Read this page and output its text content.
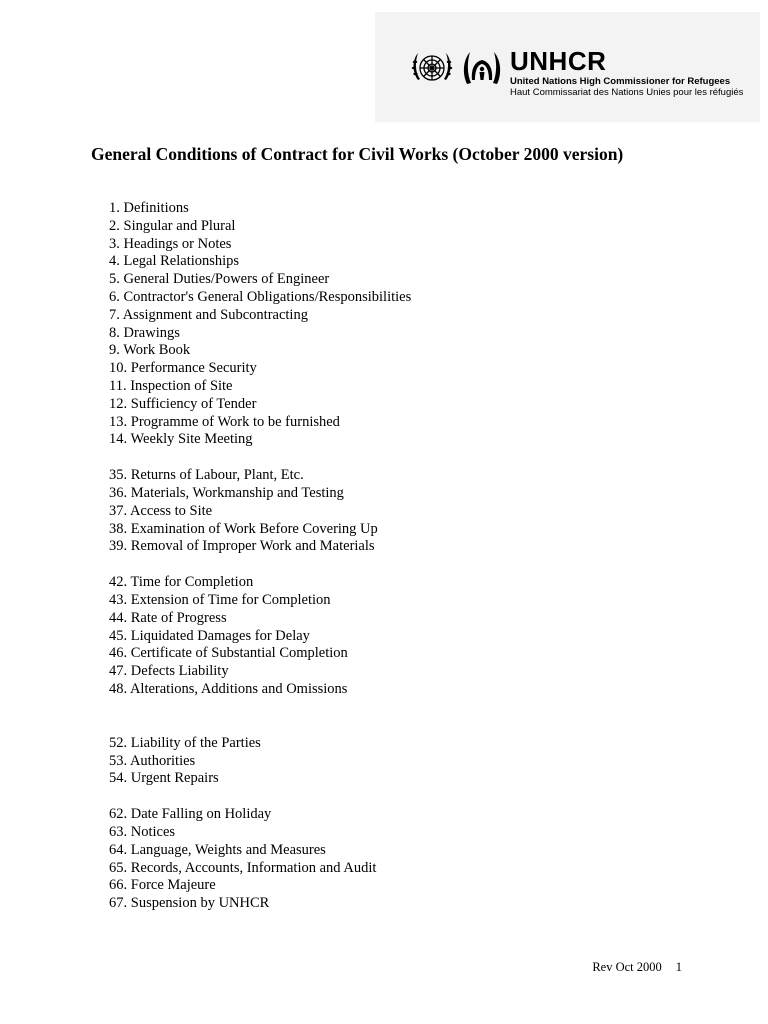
UNHCR
United Nations High Commissioner for Refugees
Haut Commissariat des Nations Unies pour les réfugiés
General Conditions of Contract for Civil Works (October 2000 version)
1. Definitions
2. Singular and Plural
3. Headings or Notes
4. Legal Relationships
5. General Duties/Powers of Engineer
6. Contractor's General Obligations/Responsibilities
7. Assignment and Subcontracting
8. Drawings
9. Work Book
10. Performance Security
11. Inspection of Site
12. Sufficiency of Tender
13. Programme of Work to be furnished
14. Weekly Site Meeting
35. Returns of Labour, Plant, Etc.
36. Materials, Workmanship and Testing
37. Access to Site
38. Examination of Work Before Covering Up
39. Removal of Improper Work and Materials
42. Time for Completion
43. Extension of Time for Completion
44. Rate of Progress
45. Liquidated Damages for Delay
46. Certificate of Substantial Completion
47. Defects Liability
48. Alterations, Additions and Omissions
52. Liability of the Parties
53. Authorities
54. Urgent Repairs
62. Date Falling on Holiday
63. Notices
64. Language, Weights and Measures
65. Records, Accounts, Information and Audit
66. Force Majeure
67. Suspension by UNHCR
Rev Oct 2000 1
